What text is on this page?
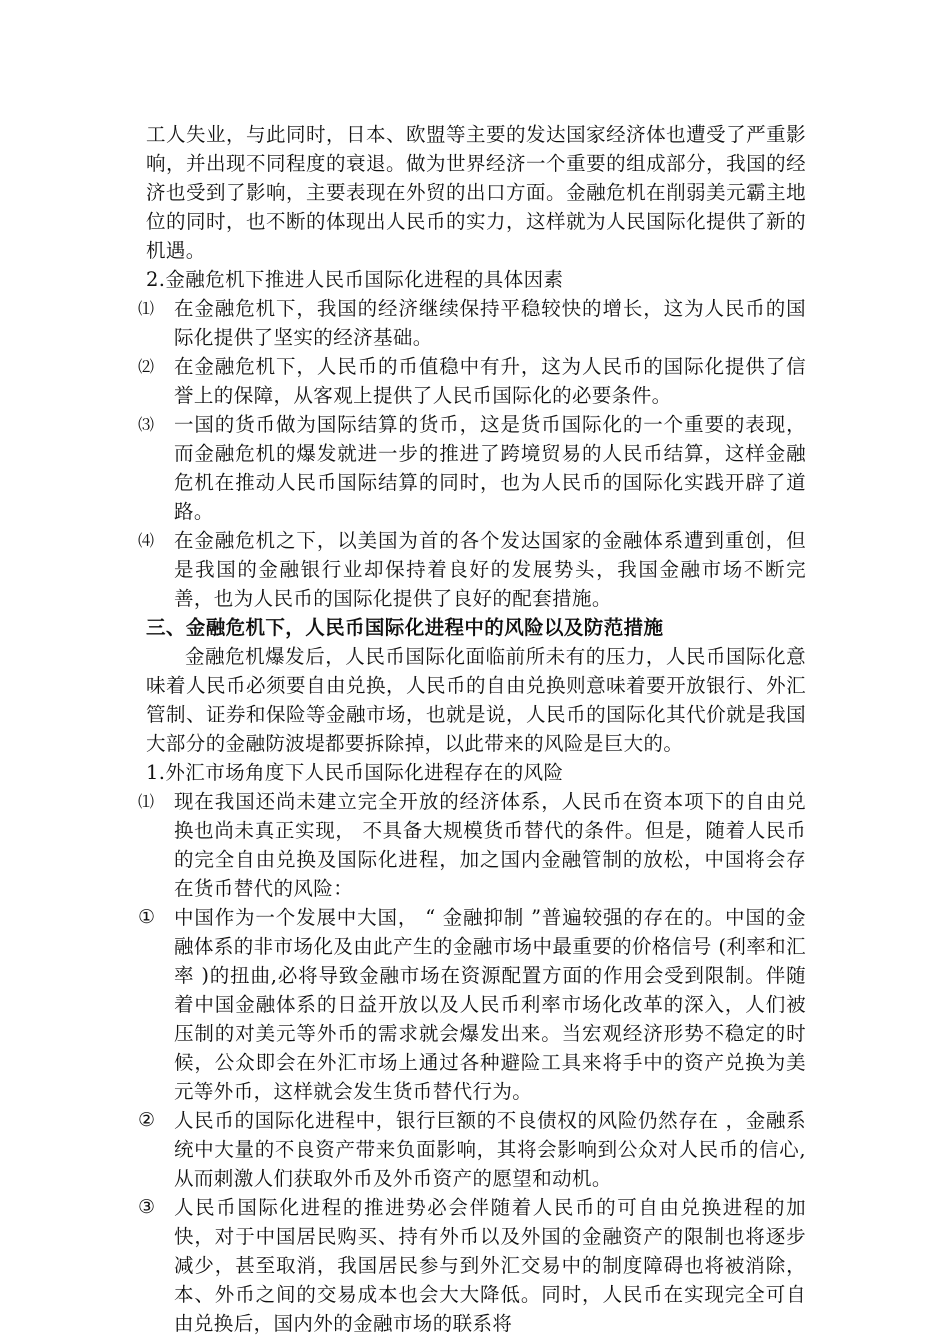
工人失业，与此同时，日本、欧盟等主要的发达国家经济体也遭受了严重影响，并出现不同程度的衰退。做为世界经济一个重要的组成部分，我国的经济也受到了影响，主要表现在外贸的出口方面。金融危机在削弱美元霸主地位的同时，也不断的体现出人民币的实力，这样就为人民国际化提供了新的机遇。

2.金融危机下推进人民币国际化进程的具体因素

⑴	在金融危机下，我国的经济继续保持平稳较快的增长，这为人民币的国际化提供了坚实的经济基础。
⑵	在金融危机下，人民币的币值稳中有升，这为人民币的国际化提供了信誉上的保障，从客观上提供了人民币国际化的必要条件。
⑶	一国的货币做为国际结算的货币，这是货币国际化的一个重要的表现，而金融危机的爆发就进一步的推进了跨境贸易的人民币结算，这样金融危机在推动人民币国际结算的同时，也为人民币的国际化实践开辟了道路。
⑷	在金融危机之下，以美国为首的各个发达国家的金融体系遭到重创，但是我国的金融银行业却保持着良好的发展势头，我国金融市场不断完善，也为人民币的国际化提供了良好的配套措施。

三、金融危机下，人民币国际化进程中的风险以及防范措施

金融危机爆发后，人民币国际化面临前所未有的压力，人民币国际化意味着人民币必须要自由兑换，人民币的自由兑换则意味着要开放银行、外汇管制、证券和保险等金融市场，也就是说，人民币的国际化其代价就是我国大部分的金融防波堤都要拆除掉，以此带来的风险是巨大的。

1.外汇市场角度下人民币国际化进程存在的风险

⑴	现在我国还尚未建立完全开放的经济体系，人民币在资本项下的自由兑换也尚未真正实现， 不具备大规模货币替代的条件。但是，随着人民币的完全自由兑换及国际化进程，加之国内金融管制的放松，中国将会存在货币替代的风险：
① 中国作为一个发展中大国， “ 金融抑制 ”普遍较强的存在的。中国的金融体系的非市场化及由此产生的金融市场中最重要的价格信号 (利率和汇率 )的扭曲,必将导致金融市场在资源配置方面的作用会受到限制。伴随着中国金融体系的日益开放以及人民币利率市场化改革的深入，人们被压制的对美元等外币的需求就会爆发出来。当宏观经济形势不稳定的时候，公众即会在外汇市场上通过各种避险工具来将手中的资产兑换为美元等外币，这样就会发生货币替代行为。
② 人民币的国际化进程中，银行巨额的不良债权的风险仍然存在 ，金融系统中大量的不良资产带来负面影响，其将会影响到公众对人民币的信心,从而刺激人们获取外币及外币资产的愿望和动机。
③ 人民币国际化进程的推进势必会伴随着人民币的可自由兑换进程的加快，对于中国居民购买、持有外币以及外国的金融资产的限制也将逐步减少，甚至取消，我国居民参与到外汇交易中的制度障碍也将被消除，本、外币之间的交易成本也会大大降低。同时，人民币在实现完全可自由兑换后，国内外的金融市场的联系将
